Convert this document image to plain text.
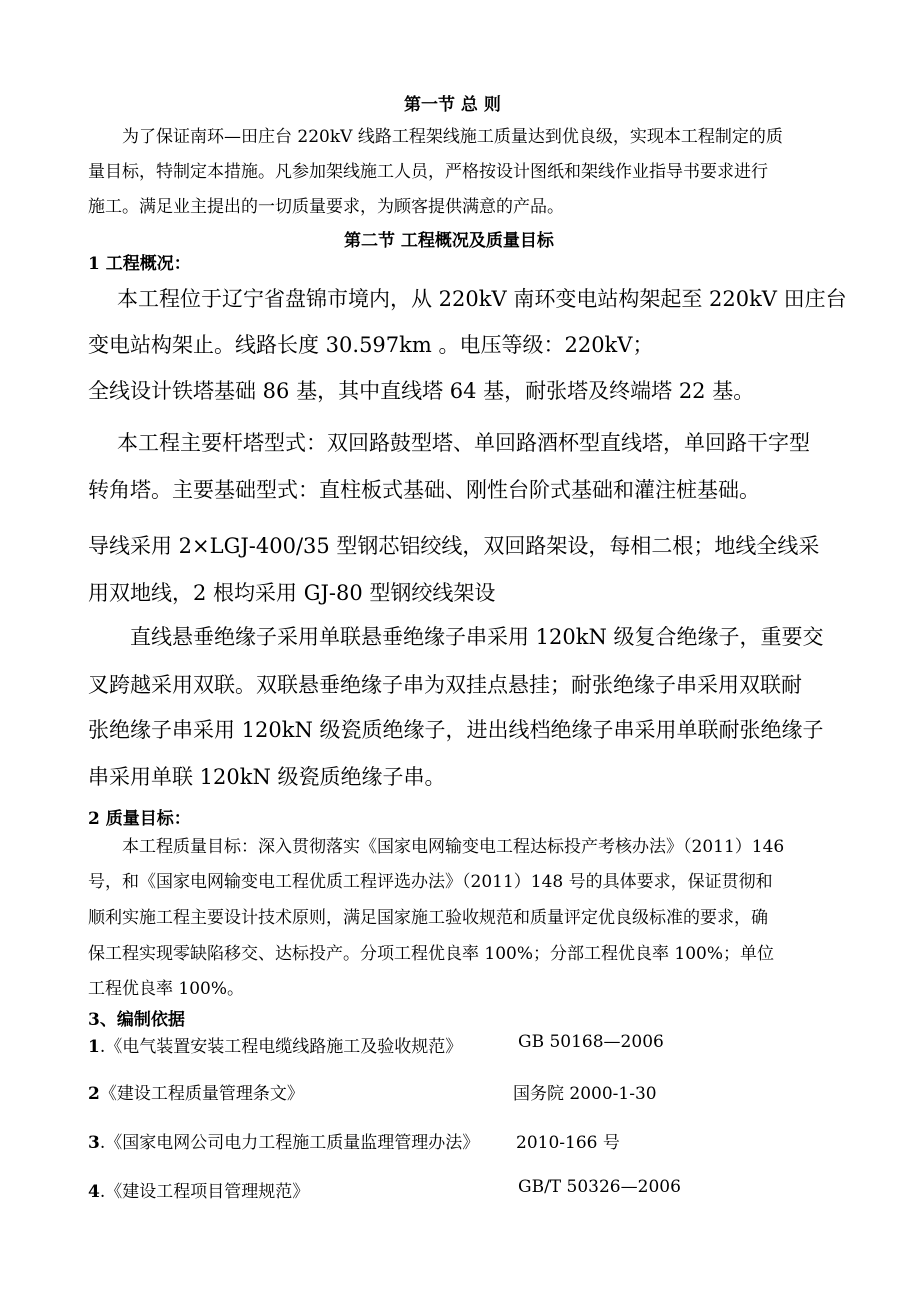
第一节 总 则
为了保证南环—田庄台 220kV 线路工程架线施工质量达到优良级，实现本工程制定的质
量目标，特制定本措施。凡参加架线施工人员，严格按设计图纸和架线作业指导书要求进行
施工。满足业主提出的一切质量要求，为顾客提供满意的产品。
第二节 工程概况及质量目标
1 工程概况：
本工程位于辽宁省盘锦市境内，从 220kV 南环变电站构架起至 220kV 田庄台
变电站构架止。线路长度 30.597km 。电压等级：220kV；
全线设计铁塔基础 86 基，其中直线塔 64 基，耐张塔及终端塔 22 基。
本工程主要杆塔型式：双回路鼓型塔、单回路酒杯型直线塔，单回路干字型
转角塔。主要基础型式：直柱板式基础、刚性台阶式基础和灌注桩基础。
导线采用 2×LGJ-400/35 型钢芯铝绞线，双回路架设，每相二根；地线全线采
用双地线，2 根均采用 GJ-80 型钢绞线架设
直线悬垂绝缘子采用单联悬垂绝缘子串采用 120kN 级复合绝缘子，重要交
叉跨越采用双联。双联悬垂绝缘子串为双挂点悬挂；耐张绝缘子串采用双联耐
张绝缘子串采用 120kN 级瓷质绝缘子，进出线档绝缘子串采用单联耐张绝缘子
串采用单联 120kN 级瓷质绝缘子串。
2 质量目标：
本工程质量目标：深入贯彻落实《国家电网输变电工程达标投产考核办法》（2011）146
号，和《国家电网输变电工程优质工程评选办法》（2011）148 号的具体要求，保证贯彻和
顺利实施工程主要设计技术原则，满足国家施工验收规范和质量评定优良级标准的要求，确
保工程实现零缺陷移交、达标投产。分项工程优良率 100%；分部工程优良率 100%；单位
工程优良率 100%。
3、编制依据
1.《电气装置安装工程电缆线路施工及验收规范》	GB 50168—2006
2《建设工程质量管理条文》	国务院 2000-1-30
3.《国家电网公司电力工程施工质量监理管理办法》 2010-166 号
4.《建设工程项目管理规范》	GB/T 50326—2006
